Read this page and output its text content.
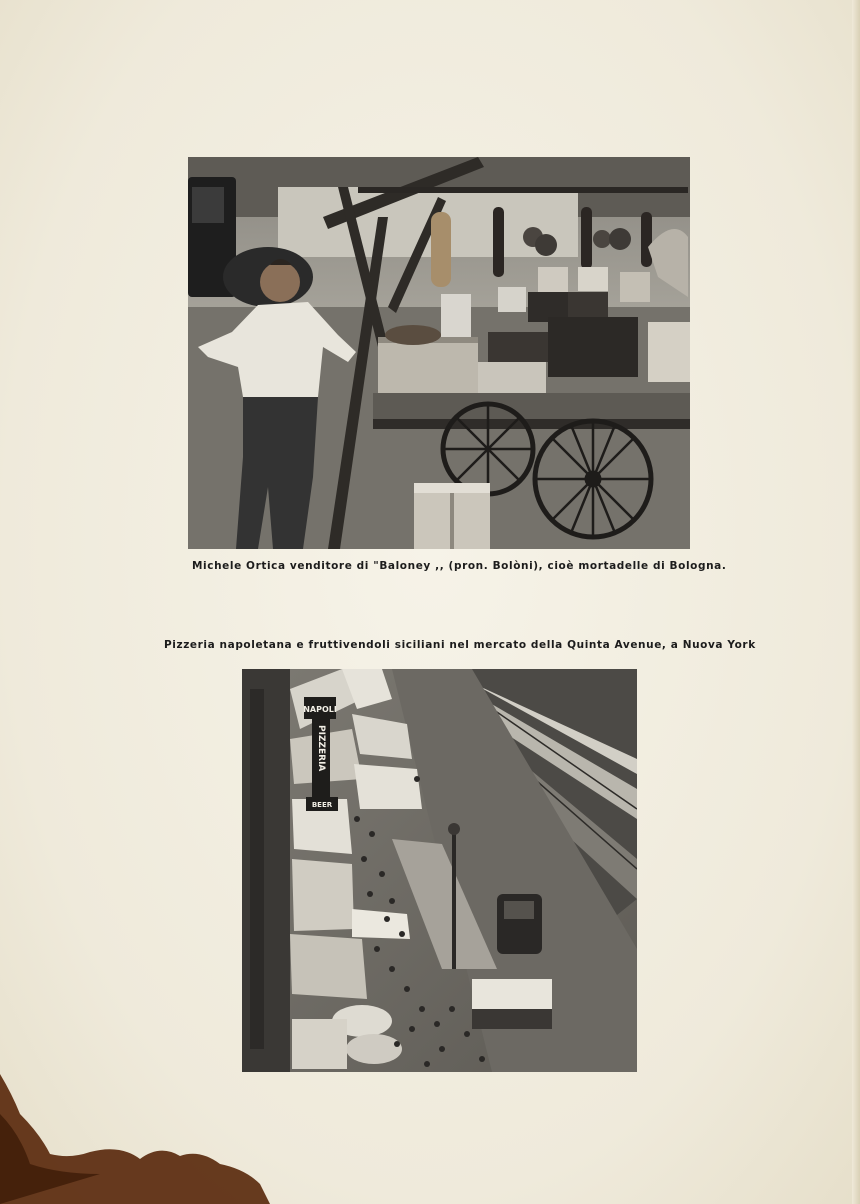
Michele Ortica venditore di "Baloney ,, (pron. Bolòni), cioè mortadelle di Bologna.
Pizzeria napoletana e fruttivendoli siciliani nel mercato della Quinta Avenue, a Nuova York
NAPOLI
PIZZERIA
BEER
